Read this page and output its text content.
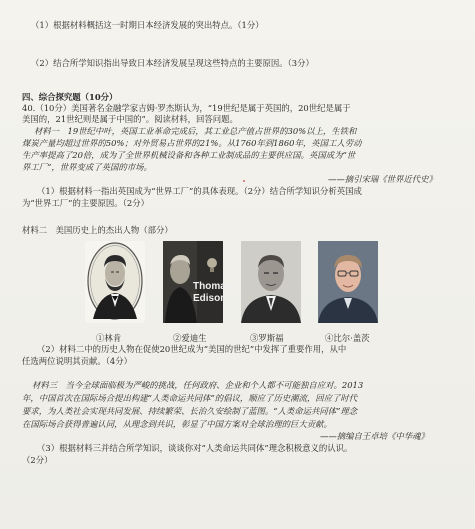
（1）根据材料概括这一时期日本经济发展的突出特点。（1分）
（2）结合所学知识指出导致日本经济发展呈现这些特点的主要原因。（3分）
四、综合探究题（10分）
40.（10分）美国著名金融学家吉姆·罗杰斯认为，“19世纪是属于英国的，20世纪是属于
美国的，21世纪则是属于中国的”。阅读材料，回答问题。
材料一　19世纪中叶，英国工业革命完成后，其工业总产值占世界的30%以上，生铁和
煤炭产量均超过世界的50%；对外贸易占世界的21%。从1760年到1860年，英国工人劳动
生产率提高了20倍，成为了全世界机械设备和各种工业制成品的主要供应国。英国成为“世
界工厂”，世界变成了英国的市场。
——摘引宋瑞《世界近代史》
（1）根据材料一指出英国成为“世界工厂”的具体表现。（2分）结合所学知识分析英国成
为“世界工厂”的主要原因。（2分）
材料二　美国历史上的杰出人物（部分）
①林肯
Thomas
Edison
②爱迪生	③罗斯福	④比尔·盖茨
（2）材料二中的历史人物在促使20世纪成为“美国的世纪”中发挥了重要作用，从中
任选两位说明其贡献。（4分）
材料三　当今全球面临极为严峻的挑战，任何政府、企业和个人都不可能独自应对。2013
年，中国首次在国际场合提出构建“人类命运共同体”的倡议，顺应了历史潮流，回应了时代
要求，为人类社会实现共同发展、持续繁荣、长治久安绘制了蓝图。“人类命运共同体”理念
在国际场合获得普遍认同，从理念到共识，彰显了中国方案对全球治理的巨大贡献。
——摘编自王卓培《中华魂》
（3）根据材料三并结合所学知识，谈谈你对“人类命运共同体”理念积极意义的认识。
（2分）
